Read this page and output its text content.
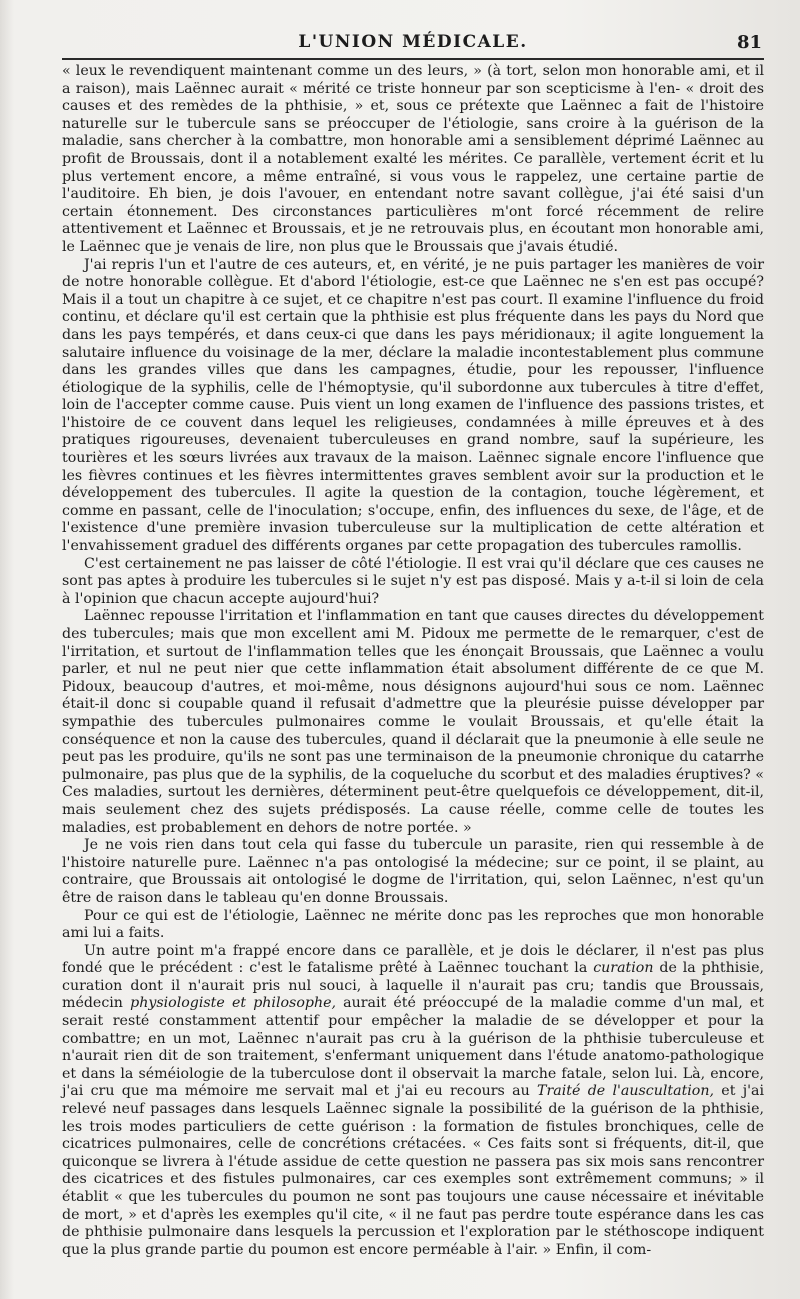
L'UNION MÉDICALE.	81

« leux le revendiquent maintenant comme un des leurs, » (à tort, selon mon honorable ami, et il a raison), mais Laënnec aurait « mérité ce triste honneur par son scepticisme à l'en- « droit des causes et des remèdes de la phthisie, » et, sous ce prétexte que Laënnec a fait de l'histoire naturelle sur le tubercule sans se préoccuper de l'étiologie, sans croire à la guérison de la maladie, sans chercher à la combattre, mon honorable ami a sensiblement déprimé Laënnec au profit de Broussais, dont il a notablement exalté les mérites. Ce parallèle, vertement écrit et lu plus vertement encore, a même entraîné, si vous vous le rappelez, une certaine partie de l'auditoire. Eh bien, je dois l'avouer, en entendant notre savant collègue, j'ai été saisi d'un certain étonnement. Des circonstances particulières m'ont forcé récemment de relire attentivement et Laënnec et Broussais, et je ne retrouvais plus, en écoutant mon honorable ami, le Laënnec que je venais de lire, non plus que le Broussais que j'avais étudié.

J'ai repris l'un et l'autre de ces auteurs, et, en vérité, je ne puis partager les manières de voir de notre honorable collègue. Et d'abord l'étiologie, est-ce que Laënnec ne s'en est pas occupé? Mais il a tout un chapitre à ce sujet, et ce chapitre n'est pas court. Il examine l'influence du froid continu, et déclare qu'il est certain que la phthisie est plus fréquente dans les pays du Nord que dans les pays tempérés, et dans ceux-ci que dans les pays méridionaux; il agite longuement la salutaire influence du voisinage de la mer, déclare la maladie incontestablement plus commune dans les grandes villes que dans les campagnes, étudie, pour les repousser, l'influence étiologique de la syphilis, celle de l'hémoptysie, qu'il subordonne aux tubercules à titre d'effet, loin de l'accepter comme cause. Puis vient un long examen de l'influence des passions tristes, et l'histoire de ce couvent dans lequel les religieuses, condamnées à mille épreuves et à des pratiques rigoureuses, devenaient tuberculeuses en grand nombre, sauf la supérieure, les tourières et les sœurs livrées aux travaux de la maison. Laënnec signale encore l'influence que les fièvres continues et les fièvres intermittentes graves semblent avoir sur la production et le développement des tubercules. Il agite la question de la contagion, touche légèrement, et comme en passant, celle de l'inoculation; s'occupe, enfin, des influences du sexe, de l'âge, et de l'existence d'une première invasion tuberculeuse sur la multiplication de cette altération et l'envahissement graduel des différents organes par cette propagation des tubercules ramollis.

C'est certainement ne pas laisser de côté l'étiologie. Il est vrai qu'il déclare que ces causes ne sont pas aptes à produire les tubercules si le sujet n'y est pas disposé. Mais y a-t-il si loin de cela à l'opinion que chacun accepte aujourd'hui?

Laënnec repousse l'irritation et l'inflammation en tant que causes directes du développement des tubercules; mais que mon excellent ami M. Pidoux me permette de le remarquer, c'est de l'irritation, et surtout de l'inflammation telles que les énonçait Broussais, que Laënnec a voulu parler, et nul ne peut nier que cette inflammation était absolument différente de ce que M. Pidoux, beaucoup d'autres, et moi-même, nous désignons aujourd'hui sous ce nom. Laënnec était-il donc si coupable quand il refusait d'admettre que la pleurésie puisse développer par sympathie des tubercules pulmonaires comme le voulait Broussais, et qu'elle était la conséquence et non la cause des tubercules, quand il déclarait que la pneumonie à elle seule ne peut pas les produire, qu'ils ne sont pas une terminaison de la pneumonie chronique du catarrhe pulmonaire, pas plus que de la syphilis, de la coqueluche du scorbut et des maladies éruptives? « Ces maladies, surtout les dernières, déterminent peut-être quelquefois ce développement, dit-il, mais seulement chez des sujets prédisposés. La cause réelle, comme celle de toutes les maladies, est probablement en dehors de notre portée. »

Je ne vois rien dans tout cela qui fasse du tubercule un parasite, rien qui ressemble à de l'histoire naturelle pure. Laënnec n'a pas ontologisé la médecine; sur ce point, il se plaint, au contraire, que Broussais ait ontologisé le dogme de l'irritation, qui, selon Laënnec, n'est qu'un être de raison dans le tableau qu'en donne Broussais.

Pour ce qui est de l'étiologie, Laënnec ne mérite donc pas les reproches que mon honorable ami lui a faits.

Un autre point m'a frappé encore dans ce parallèle, et je dois le déclarer, il n'est pas plus fondé que le précédent : c'est le fatalisme prêté à Laënnec touchant la curation de la phthisie, curation dont il n'aurait pris nul souci, à laquelle il n'aurait pas cru; tandis que Broussais, médecin physiologiste et philosophe, aurait été préoccupé de la maladie comme d'un mal, et serait resté constamment attentif pour empêcher la maladie de se développer et pour la combattre; en un mot, Laënnec n'aurait pas cru à la guérison de la phthisie tuberculeuse et n'aurait rien dit de son traitement, s'enfermant uniquement dans l'étude anatomo-pathologique et dans la séméiologie de la tuberculose dont il observait la marche fatale, selon lui. Là, encore, j'ai cru que ma mémoire me servait mal et j'ai eu recours au Traité de l'auscultation, et j'ai relevé neuf passages dans lesquels Laënnec signale la possibilité de la guérison de la phthisie, les trois modes particuliers de cette guérison : la formation de fistules bronchiques, celle de cicatrices pulmonaires, celle de concrétions crétacées. « Ces faits sont si fréquents, dit-il, que quiconque se livrera à l'étude assidue de cette question ne passera pas six mois sans rencontrer des cicatrices et des fistules pulmonaires, car ces exemples sont extrêmement communs; » il établit « que les tubercules du poumon ne sont pas toujours une cause nécessaire et inévitable de mort, » et d'après les exemples qu'il cite, « il ne faut pas perdre toute espérance dans les cas de phthisie pulmonaire dans lesquels la percussion et l'exploration par le stéthoscope indiquent que la plus grande partie du poumon est encore perméable à l'air. » Enfin, il com-
